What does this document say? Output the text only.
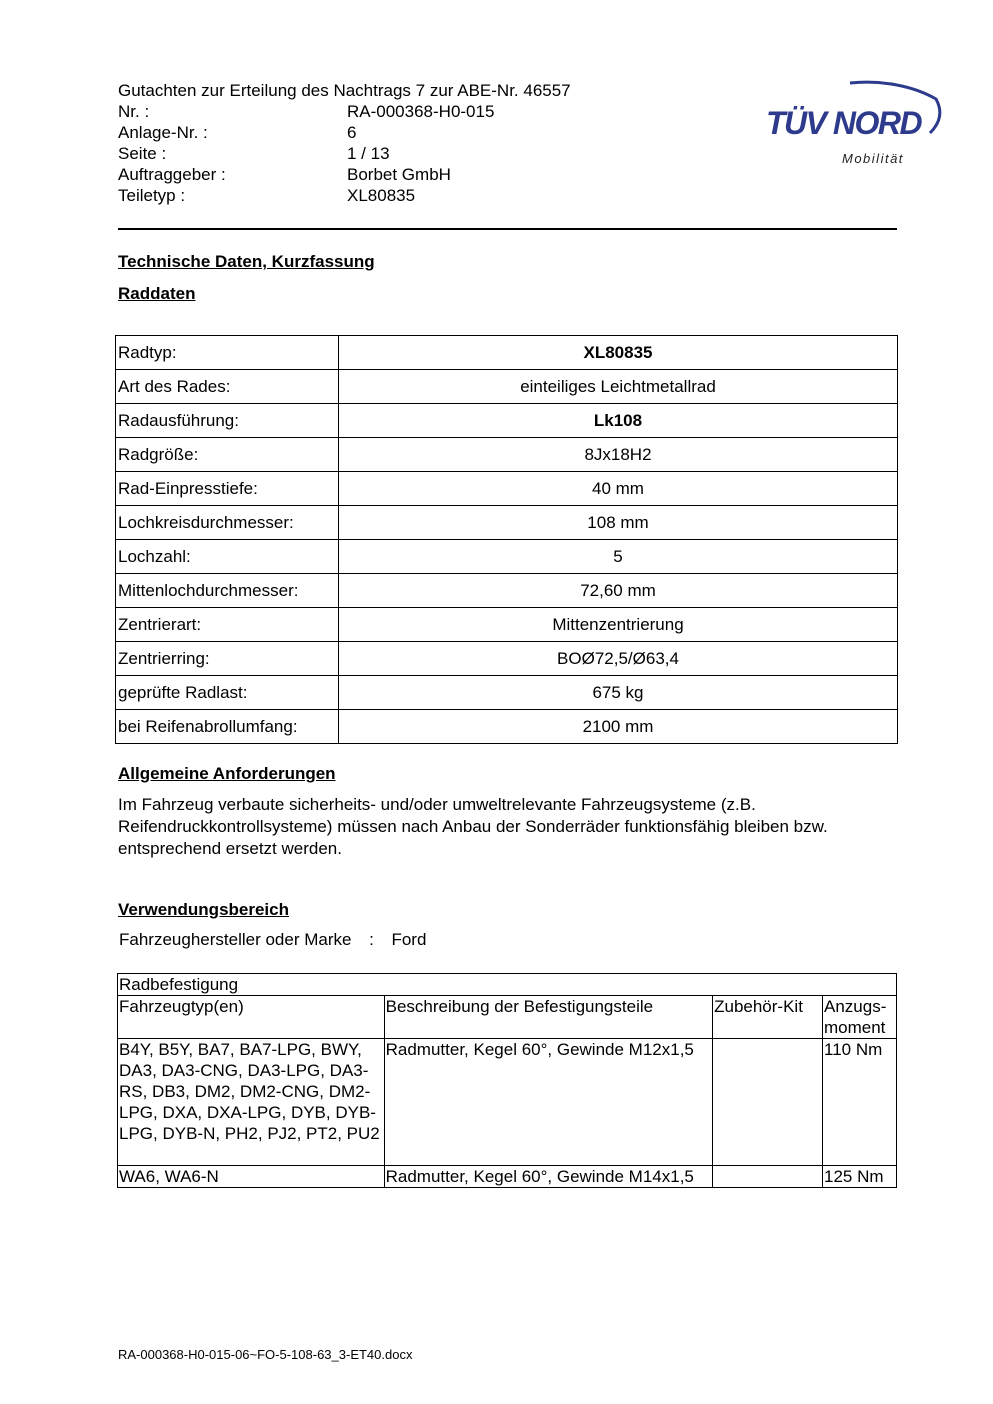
Gutachten zur Erteilung des Nachtrags 7 zur ABE-Nr. 46557
Nr. :	RA-000368-H0-015
Anlage-Nr. :	6
Seite :	1 / 13
Auftraggeber :	Borbet GmbH
Teiletyp :	XL80835
TÜV NORD
Mobilität
Technische Daten, Kurzfassung
Raddaten
Radtyp:	XL80835
Art des Rades:	einteiliges Leichtmetallrad
Radausführung:	Lk108
Radgröße:	8Jx18H2
Rad-Einpresstiefe:	40 mm
Lochkreisdurchmesser:	108 mm
Lochzahl:	5
Mittenlochdurchmesser:	72,60 mm
Zentrierart:	Mittenzentrierung
Zentrierring:	BOØ72,5/Ø63,4
geprüfte Radlast:	675 kg
bei Reifenabrollumfang:	2100 mm
Allgemeine Anforderungen
Im Fahrzeug verbaute sicherheits- und/oder umweltrelevante Fahrzeugsysteme (z.B. Reifendruckkontrollsysteme) müssen nach Anbau der Sonderräder funktionsfähig bleiben bzw. entsprechend ersetzt werden.
Verwendungsbereich
Fahrzeughersteller oder Marke : Ford
Radbefestigung			
Fahrzeugtyp(en)	Beschreibung der Befestigungsteile	Zubehör-Kit	Anzugs-moment
B4Y, B5Y, BA7, BA7-LPG, BWY, DA3, DA3-CNG, DA3-LPG, DA3-RS, DB3, DM2, DM2-CNG, DM2-LPG, DXA, DXA-LPG, DYB, DYB-LPG, DYB-N, PH2, PJ2, PT2, PU2	Radmutter, Kegel 60°, Gewinde M12x1,5		110 Nm
WA6, WA6-N	Radmutter, Kegel 60°, Gewinde M14x1,5		125 Nm
RA-000368-H0-015-06~FO-5-108-63_3-ET40.docx
